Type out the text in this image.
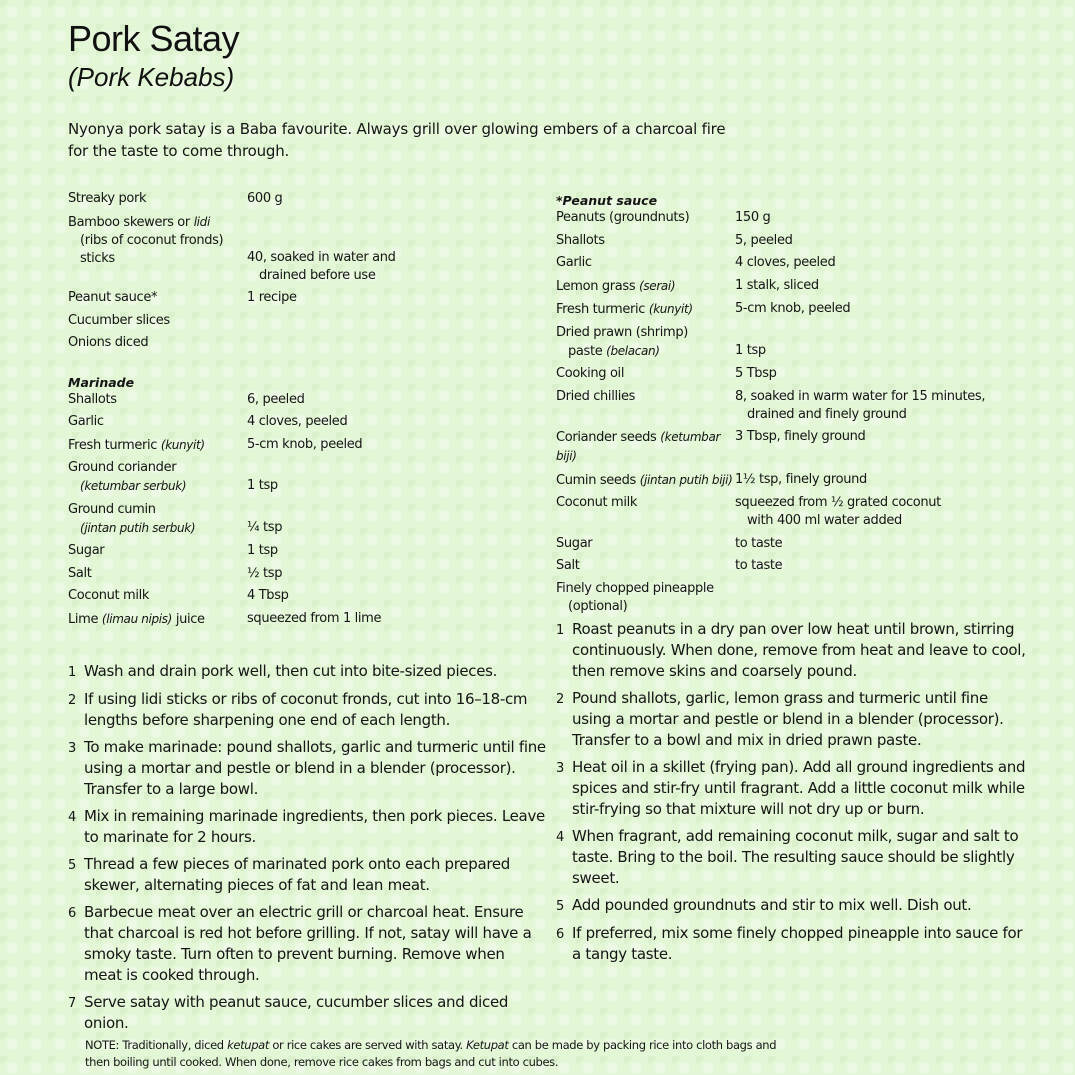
Pork Satay
(Pork Kebabs)
Nyonya pork satay is a Baba favourite. Always grill over glowing embers of a charcoal fire for the taste to come through.
Streaky pork	600 g
Bamboo skewers or lidi
(ribs of coconut fronds)
sticks	40, soaked in water and
drained before use
Peanut sauce*	1 recipe
Cucumber slices	
Onions diced	
Marinade
Shallots	6, peeled
Garlic	4 cloves, peeled
Fresh turmeric (kunyit)	5-cm knob, peeled
Ground coriander
(ketumbar serbuk)	1 tsp
Ground cumin
(jintan putih serbuk)	¼ tsp
Sugar	1 tsp
Salt	½ tsp
Coconut milk	4 Tbsp
Lime (limau nipis) juice	squeezed from 1 lime
*Peanut sauce
Peanuts (groundnuts)	150 g
Shallots	5, peeled
Garlic	4 cloves, peeled
Lemon grass (serai)	1 stalk, sliced
Fresh turmeric (kunyit)	5-cm knob, peeled
Dried prawn (shrimp)
paste (belacan)	1 tsp
Cooking oil	5 Tbsp
Dried chillies	8, soaked in warm water for 15 minutes,
drained and finely ground
Coriander seeds (ketumbar biji)	3 Tbsp, finely ground
Cumin seeds (jintan putih biji)	1½ tsp, finely ground
Coconut milk	squeezed from ½ grated coconut
with 400 ml water added
Sugar	to taste
Salt	to taste
Finely chopped pineapple
(optional)	
1 Wash and drain pork well, then cut into bite-sized pieces.
2 If using lidi sticks or ribs of coconut fronds, cut into 16–18-cm lengths before sharpening one end of each length.
3 To make marinade: pound shallots, garlic and turmeric until fine using a mortar and pestle or blend in a blender (processor). Transfer to a large bowl.
4 Mix in remaining marinade ingredients, then pork pieces. Leave to marinate for 2 hours.
5 Thread a few pieces of marinated pork onto each prepared skewer, alternating pieces of fat and lean meat.
6 Barbecue meat over an electric grill or charcoal heat. Ensure that charcoal is red hot before grilling. If not, satay will have a smoky taste. Turn often to prevent burning. Remove when meat is cooked through.
7 Serve satay with peanut sauce, cucumber slices and diced onion.
1 Roast peanuts in a dry pan over low heat until brown, stirring continuously. When done, remove from heat and leave to cool, then remove skins and coarsely pound.
2 Pound shallots, garlic, lemon grass and turmeric until fine using a mortar and pestle or blend in a blender (processor). Transfer to a bowl and mix in dried prawn paste.
3 Heat oil in a skillet (frying pan). Add all ground ingredients and spices and stir-fry until fragrant. Add a little coconut milk while stir-frying so that mixture will not dry up or burn.
4 When fragrant, add remaining coconut milk, sugar and salt to taste. Bring to the boil. The resulting sauce should be slightly sweet.
5 Add pounded groundnuts and stir to mix well. Dish out.
6 If preferred, mix some finely chopped pineapple into sauce for a tangy taste.
NOTE: Traditionally, diced ketupat or rice cakes are served with satay. Ketupat can be made by packing rice into cloth bags and then boiling until cooked. When done, remove rice cakes from bags and cut into cubes.
